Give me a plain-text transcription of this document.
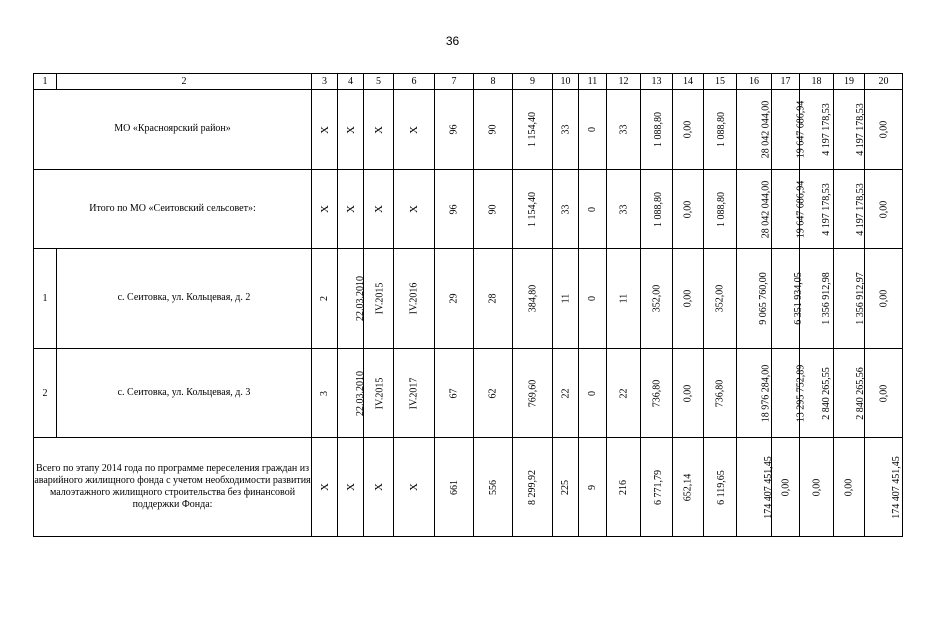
36
1	2	3	4	5	6	7	8	9	10	11	12	13	14	15	16	17	18	19	20
МО «Красноярский район»		Х	Х	Х	Х	96	90	1 154,40	33	0	33	1 088,80	0,00	1 088,80	28 042 044,00	19 647 686,94	4 197 178,53	4 197 178,53	0,00
Итого по МО «Сеитовский сельсовет»:		Х	Х	Х	Х	96	90	1 154,40	33	0	33	1 088,80	0,00	1 088,80	28 042 044,00	19 647 686,94	4 197 178,53	4 197 178,53	0,00
1	с. Сеитовка, ул. Кольцевая, д. 2	2	22.03.2010	IV.2015	IV.2016	29	28	384,80	11	0	11	352,00	0,00	352,00	9 065 760,00	6 351 934,05	1 356 912,98	1 356 912,97	0,00
2	с. Сеитовка, ул. Кольцевая, д. 3	3	22.03.2010	IV.2015	IV.2017	67	62	769,60	22	0	22	736,80	0,00	736,80	18 976 284,00	13 295 752,89	2 840 265,55	2 840 265,56	0,00
Всего по этапу 2014 года по программе переселения граждан из аварийного жилищного фонда с учетом необходимости развития малоэтажного жилищного строительства без финансовой поддержки Фонда:		Х	Х	Х	Х	661	556	8 299,92	225	9	216	6 771,79	652,14	6 119,65	174 407 451,45	0,00	0,00	0,00	174 407 451,45
